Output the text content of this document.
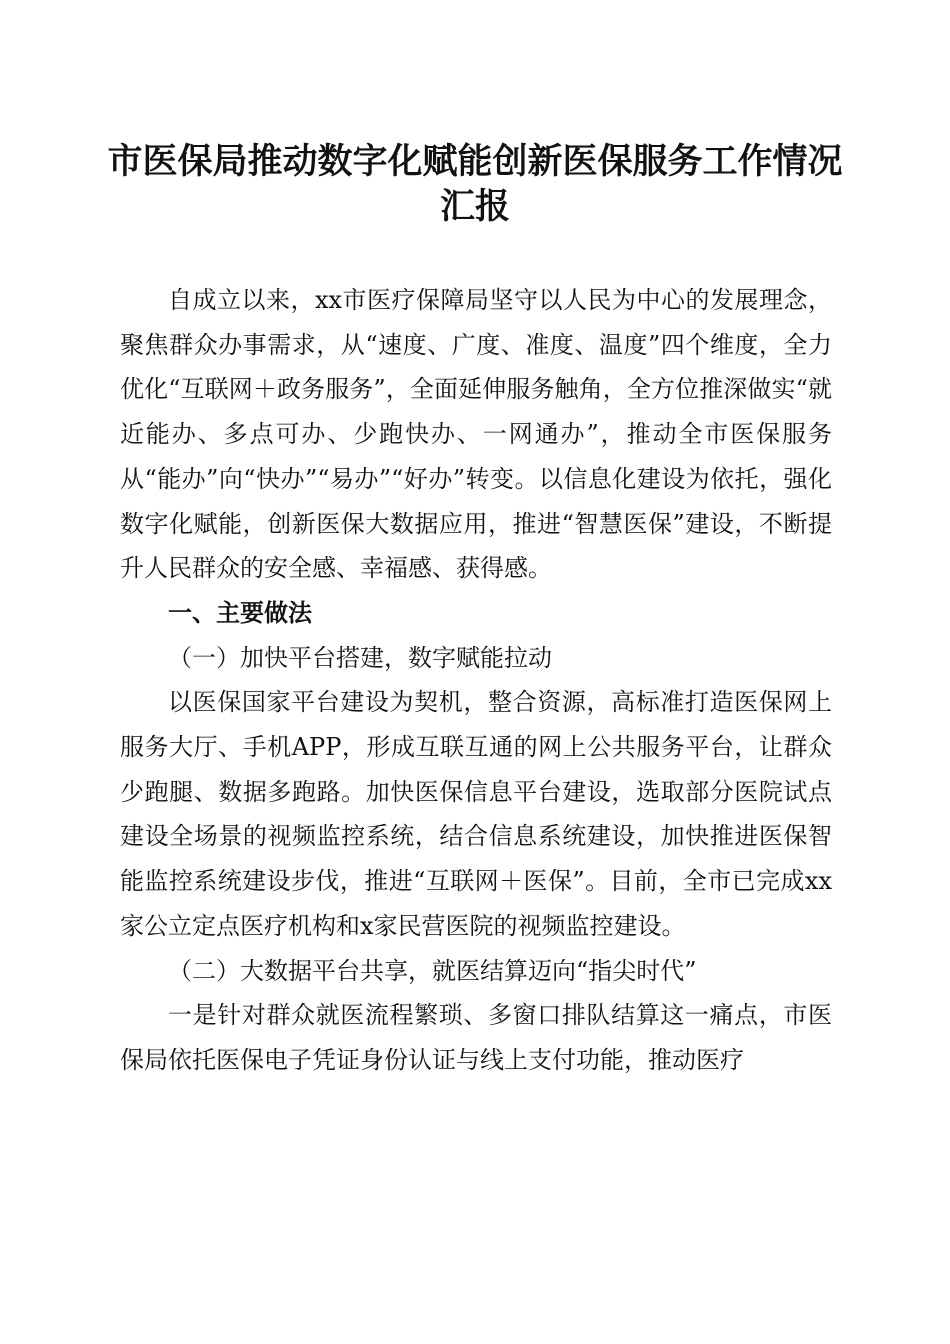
市医保局推动数字化赋能创新医保服务工作情况汇报

自成立以来，xx市医疗保障局坚守以人民为中心的发展理念，聚焦群众办事需求，从“速度、广度、准度、温度”四个维度，全力优化“互联网＋政务服务”，全面延伸服务触角，全方位推深做实“就近能办、多点可办、少跑快办、一网通办”，推动全市医保服务从“能办”向“快办”“易办”“好办”转变。以信息化建设为依托，强化数字化赋能，创新医保大数据应用，推进“智慧医保”建设，不断提升人民群众的安全感、幸福感、获得感。

一、主要做法

（一）加快平台搭建，数字赋能拉动

以医保国家平台建设为契机，整合资源，高标准打造医保网上服务大厅、手机APP，形成互联互通的网上公共服务平台，让群众少跑腿、数据多跑路。加快医保信息平台建设，选取部分医院试点建设全场景的视频监控系统，结合信息系统建设，加快推进医保智能监控系统建设步伐，推进“互联网＋医保”。目前，全市已完成xx家公立定点医疗机构和x家民营医院的视频监控建设。

（二）大数据平台共享，就医结算迈向“指尖时代”

一是针对群众就医流程繁琐、多窗口排队结算这一痛点，市医保局依托医保电子凭证身份认证与线上支付功能，推动医疗
